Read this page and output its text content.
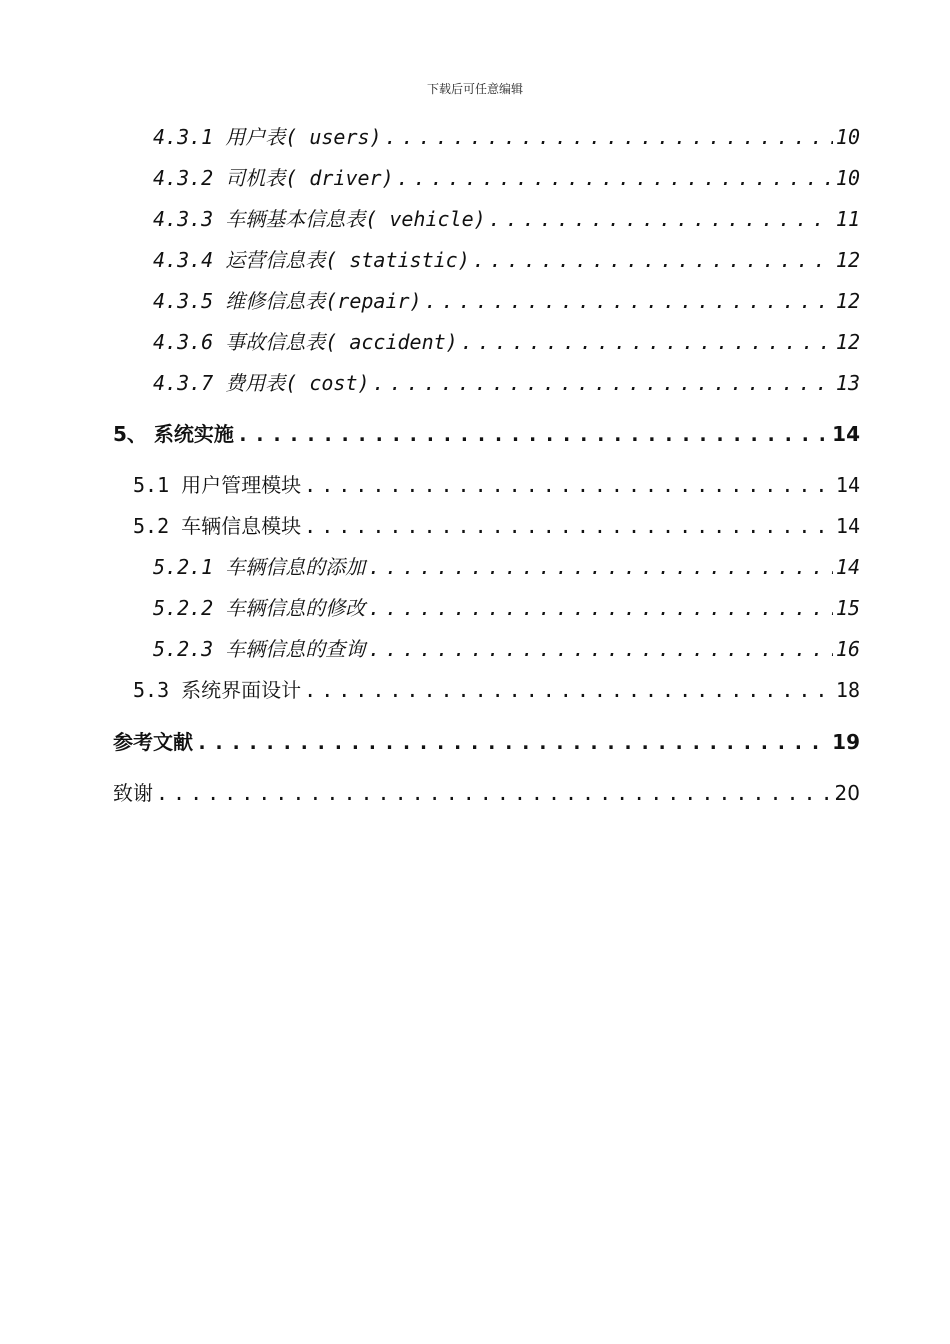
下载后可任意编辑
4.3.1 用户表( users) .....	10
4.3.2 司机表( driver) .....	10
4.3.3 车辆基本信息表( vehicle) .....	11
4.3.4 运营信息表( statistic) .....	12
4.3.5 维修信息表(repair) .....	12
4.3.6 事故信息表( accident) .....	12
4.3.7 费用表( cost) .....	13
5、 系统实施 .....	14
5.1 用户管理模块 .....	14
5.2 车辆信息模块 .....	14
5.2.1 车辆信息的添加 .....	14
5.2.2 车辆信息的修改 .....	15
5.2.3 车辆信息的查询 .....	16
5.3 系统界面设计 .....	18
参考文献 .....	19
致谢 .....	20
